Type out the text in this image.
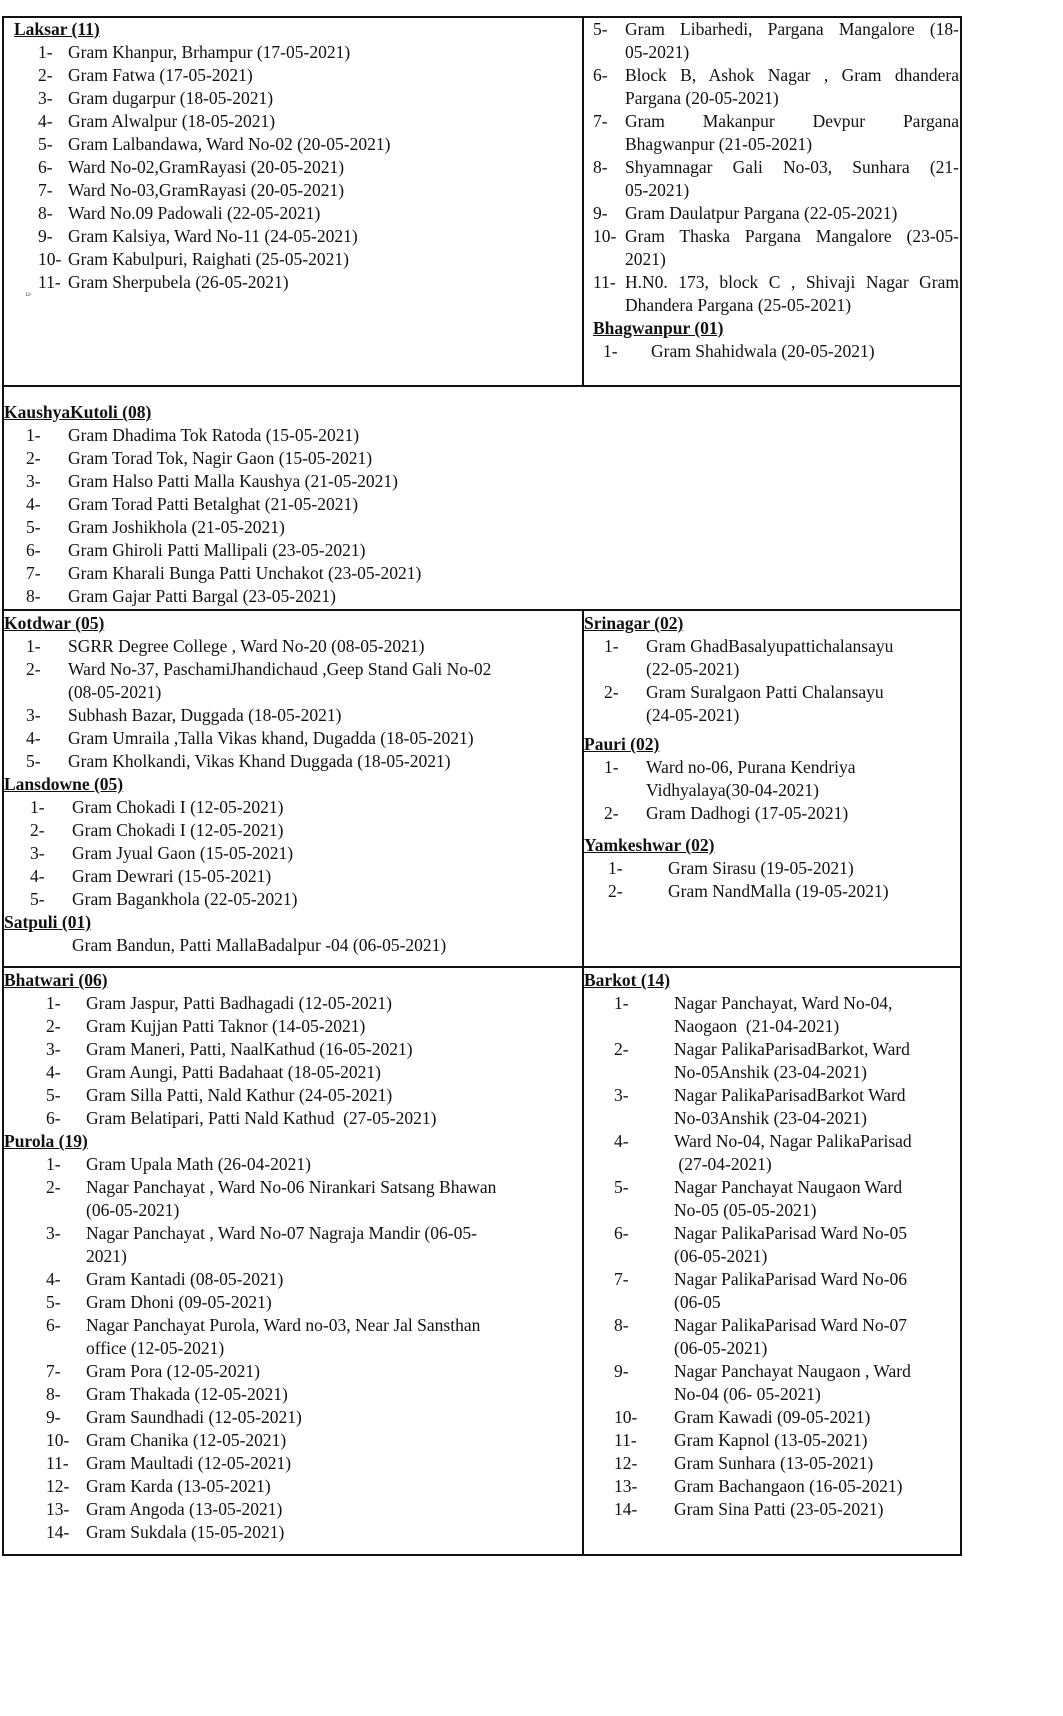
Laksar (11)
1- Gram Khanpur, Brhampur (17-05-2021)
2- Gram Fatwa (17-05-2021)
3- Gram dugarpur (18-05-2021)
4- Gram Alwalpur (18-05-2021)
5- Gram Lalbandawa, Ward No-02 (20-05-2021)
6- Ward No-02,GramRayasi (20-05-2021)
7- Ward No-03,GramRayasi (20-05-2021)
8- Ward No.09 Padowali (22-05-2021)
9- Gram Kalsiya, Ward No-11 (24-05-2021)
10- Gram Kabulpuri, Raighati (25-05-2021)
11- Gram Sherpubela (26-05-2021)
12-
5- Gram Libarhedi, Pargana Mangalore (18-
05-2021)
6- Block B, Ashok Nagar , Gram dhandera
Pargana (20-05-2021)
7- Gram Makanpur Devpur Pargana
Bhagwanpur (21-05-2021)
8- Shyamnagar Gali No-03, Sunhara (21-
05-2021)
9- Gram Daulatpur Pargana (22-05-2021)
10- Gram Thaska Pargana Mangalore (23-05-
2021)
11- H.N0. 173, block C , Shivaji Nagar Gram
Dhandera Pargana (25-05-2021)
Bhagwanpur (01)
1-	Gram Shahidwala (20-05-2021)
KaushyaKutoli (08)
1-	Gram Dhadima Tok Ratoda (15-05-2021)
2-	Gram Torad Tok, Nagir Gaon (15-05-2021)
3-	Gram Halso Patti Malla Kaushya (21-05-2021)
4-	Gram Torad Patti Betalghat (21-05-2021)
5-	Gram Joshikhola (21-05-2021)
6-	Gram Ghiroli Patti Mallipali (23-05-2021)
7-	Gram Kharali Bunga Patti Unchakot (23-05-2021)
8-	Gram Gajar Patti Bargal (23-05-2021)
Kotdwar (05)
1-	SGRR Degree College , Ward No-20 (08-05-2021)
2-	Ward No-37, PaschamiJhandichaud ,Geep Stand Gali No-02
(08-05-2021)
3-	Subhash Bazar, Duggada (18-05-2021)
4-	Gram Umraila ,Talla Vikas khand, Dugadda (18-05-2021)
5-	Gram Kholkandi, Vikas Khand Duggada (18-05-2021)
Lansdowne (05)
1-	Gram Chokadi I (12-05-2021)
2-	Gram Chokadi I (12-05-2021)
3-	Gram Jyual Gaon (15-05-2021)
4-	Gram Dewrari (15-05-2021)
5-	Gram Bagankhola (22-05-2021)
Satpuli (01)
Gram Bandun, Patti MallaBadalpur -04 (06-05-2021)
Srinagar (02)
1-	Gram GhadBasalyupattichalansayu
(22-05-2021)
2-	Gram Suralgaon Patti Chalansayu
(24-05-2021)
Pauri (02)
1-	Ward no-06, Purana Kendriya
Vidhyalaya(30-04-2021)
2-	Gram Dadhogi (17-05-2021)
Yamkeshwar (02)
1-	Gram Sirasu (19-05-2021)
2-	Gram NandMalla (19-05-2021)
Bhatwari (06)
1-	Gram Jaspur, Patti Badhagadi (12-05-2021)
2-	Gram Kujjan Patti Taknor (14-05-2021)
3-	Gram Maneri, Patti, NaalKathud (16-05-2021)
4-	Gram Aungi, Patti Badahaat (18-05-2021)
5-	Gram Silla Patti, Nald Kathur (24-05-2021)
6-	Gram Belatipari, Patti Nald Kathud  (27-05-2021)
Purola (19)
1-	Gram Upala Math (26-04-2021)
2-	Nagar Panchayat , Ward No-06 Nirankari Satsang Bhawan
(06-05-2021)
3-	Nagar Panchayat , Ward No-07 Nagraja Mandir (06-05-
2021)
4-	Gram Kantadi (08-05-2021)
5-	Gram Dhoni (09-05-2021)
6-	Nagar Panchayat Purola, Ward no-03, Near Jal Sansthan
office (12-05-2021)
7-	Gram Pora (12-05-2021)
8-	Gram Thakada (12-05-2021)
9-	Gram Saundhadi (12-05-2021)
10- Gram Chanika (12-05-2021)
11- Gram Maultadi (12-05-2021)
12- Gram Karda (13-05-2021)
13- Gram Angoda (13-05-2021)
14- Gram Sukdala (15-05-2021)
Barkot (14)
1-	Nagar Panchayat, Ward No-04,
Naogaon  (21-04-2021)
2-	Nagar PalikaParisadBarkot, Ward
No-05Anshik (23-04-2021)
3-	Nagar PalikaParisadBarkot Ward
No-03Anshik (23-04-2021)
4-	Ward No-04, Nagar PalikaParisad
(27-04-2021)
5-	Nagar Panchayat Naugaon Ward
No-05 (05-05-2021)
6-	Nagar PalikaParisad Ward No-05
(06-05-2021)
7-	Nagar PalikaParisad Ward No-06
(06-05
8-	Nagar PalikaParisad Ward No-07
(06-05-2021)
9-	Nagar Panchayat Naugaon , Ward
No-04 (06- 05-2021)
10-	Gram Kawadi (09-05-2021)
11-	Gram Kapnol (13-05-2021)
12-	Gram Sunhara (13-05-2021)
13-	Gram Bachangaon (16-05-2021)
14-	Gram Sina Patti (23-05-2021)
